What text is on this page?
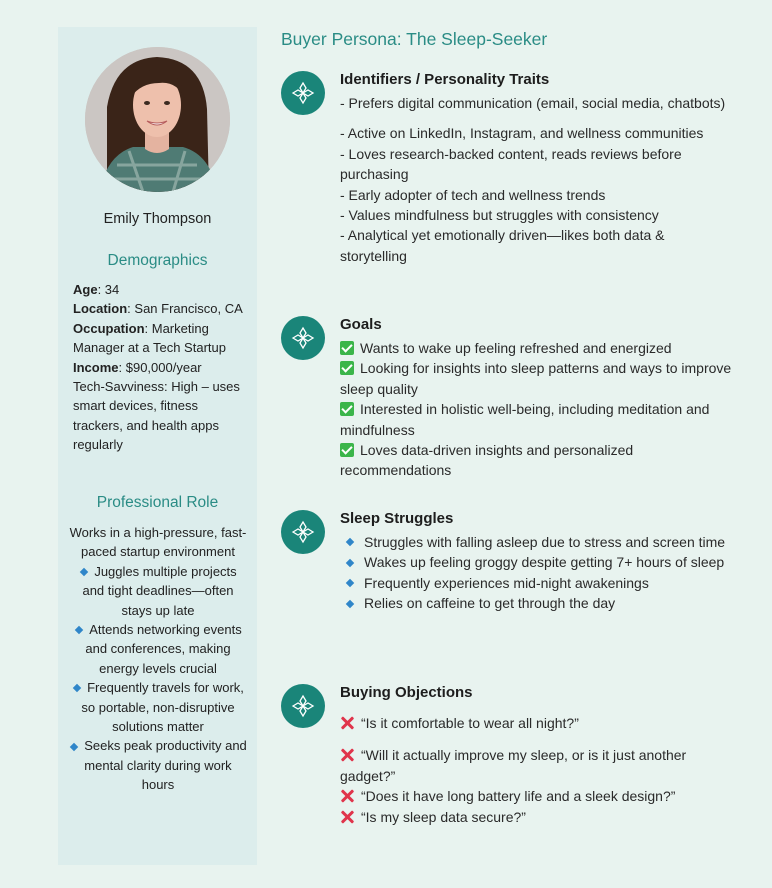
Emily Thompson
Demographics
Age: 34
Location: San Francisco, CA
Occupation: Marketing Manager at a Tech Startup
Income: $90,000/year
Tech-Savviness: High – uses smart devices, fitness trackers, and health apps regularly
Professional Role
Works in a high-pressure, fast-paced startup environment
Juggles multiple projects and tight deadlines—often stays up late
Attends networking events and conferences, making energy levels crucial
Frequently travels for work, so portable, non-disruptive solutions matter
Seeks peak productivity and mental clarity during work hours
Buyer Persona: The Sleep-Seeker
Identifiers / Personality Traits
- Prefers digital communication (email, social media, chatbots)
- Active on LinkedIn, Instagram, and wellness communities
- Loves research-backed content, reads reviews before purchasing
- Early adopter of tech and wellness trends
- Values mindfulness but struggles with consistency
- Analytical yet emotionally driven—likes both data & storytelling
Goals
Wants to wake up feeling refreshed and energized
Looking for insights into sleep patterns and ways to improve sleep quality
Interested in holistic well-being, including meditation and mindfulness
Loves data-driven insights and personalized recommendations
Sleep Struggles
Struggles with falling asleep due to stress and screen time
Wakes up feeling groggy despite getting 7+ hours of sleep
Frequently experiences mid-night awakenings
Relies on caffeine to get through the day
Buying Objections
“Is it comfortable to wear all night?”
“Will it actually improve my sleep, or is it just another gadget?”
“Does it have long battery life and a sleek design?”
“Is my sleep data secure?”
